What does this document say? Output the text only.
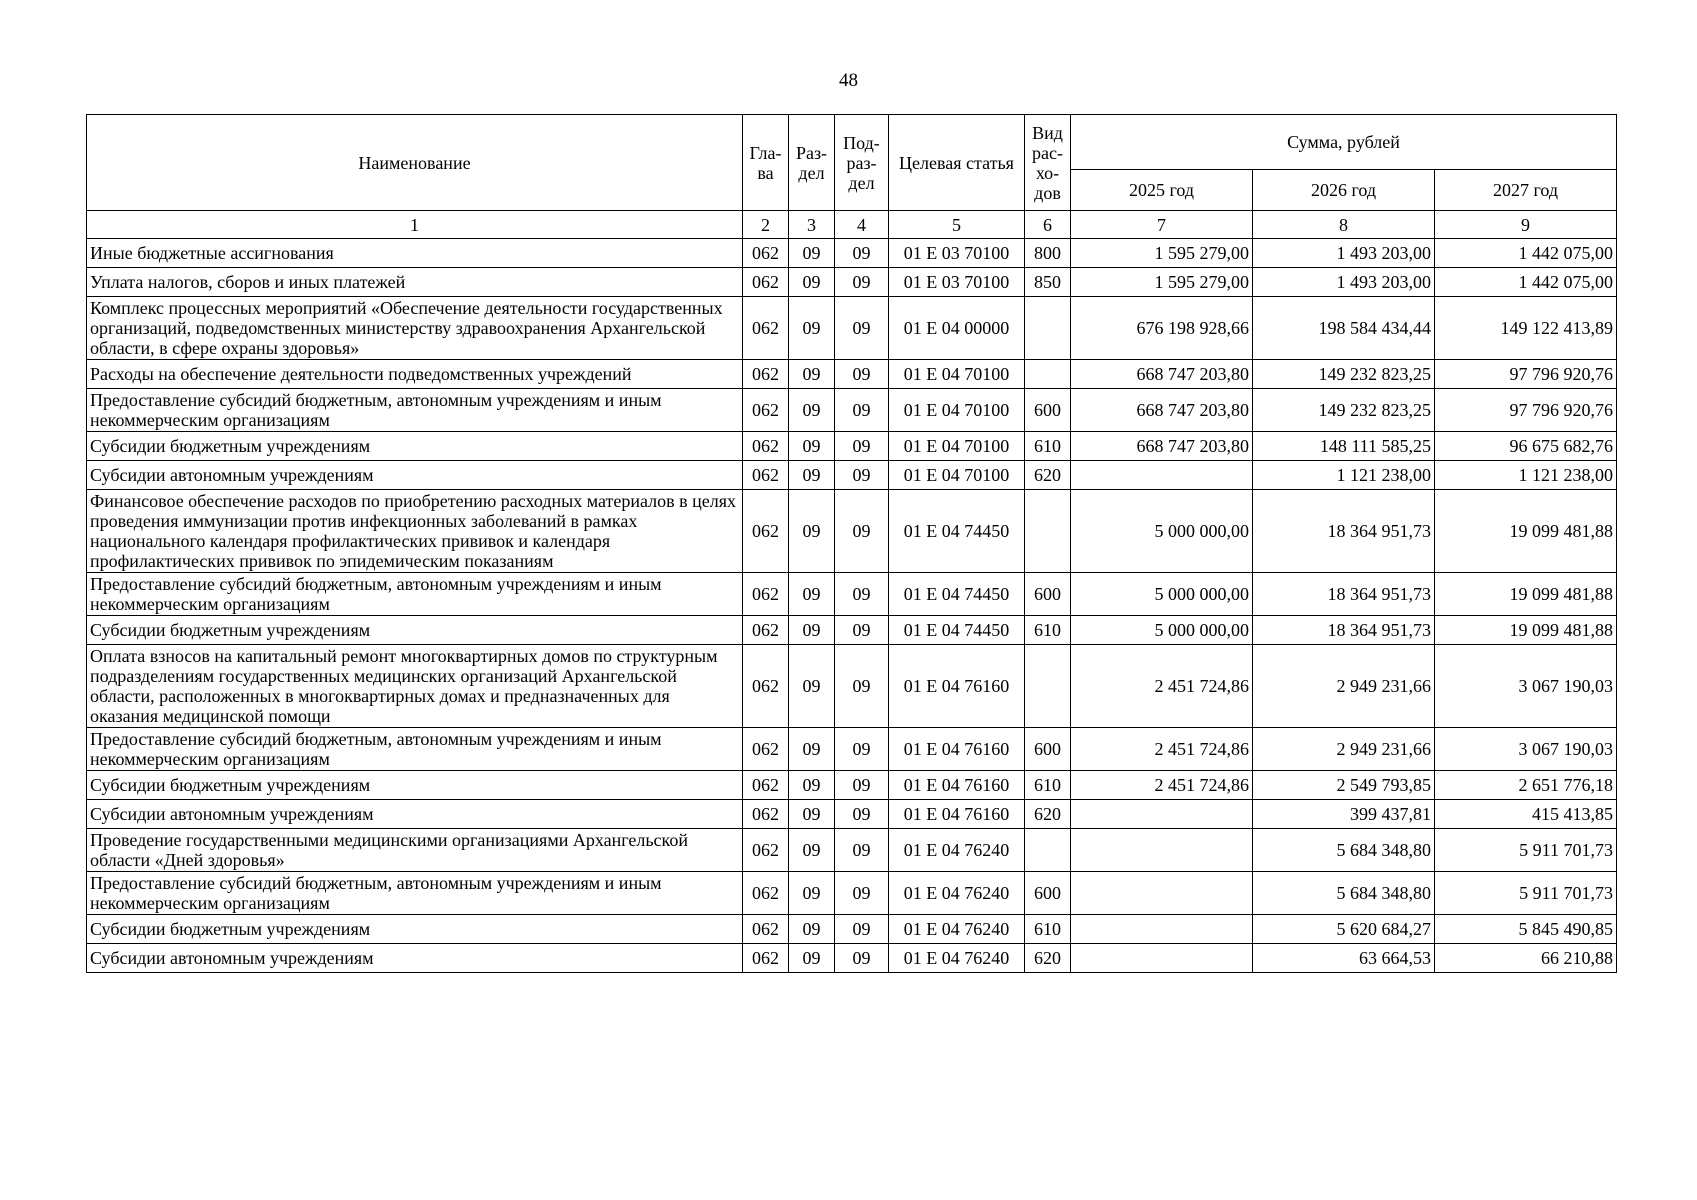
48
Наименование	Гла-ва	Раз-дел	Под-раз-дел	Целевая статья	Вид рас-хо-дов	Сумма, рублей		
						2025 год	2026 год	2027 год
1	2	3	4	5	6	7	8	9
Иные бюджетные ассигнования	062	09	09	01 Е 03 70100	800	1 595 279,00	1 493 203,00	1 442 075,00
Уплата налогов, сборов и иных платежей	062	09	09	01 Е 03 70100	850	1 595 279,00	1 493 203,00	1 442 075,00
Комплекс процессных мероприятий «Обеспечение деятельности государственных организаций, подведомственных министерству здравоохранения Архангельской области, в сфере охраны здоровья»	062	09	09	01 Е 04 00000		676 198 928,66	198 584 434,44	149 122 413,89
Расходы на обеспечение деятельности подведомственных учреждений	062	09	09	01 Е 04 70100		668 747 203,80	149 232 823,25	97 796 920,76
Предоставление субсидий бюджетным, автономным учреждениям и иным некоммерческим организациям	062	09	09	01 Е 04 70100	600	668 747 203,80	149 232 823,25	97 796 920,76
Субсидии бюджетным учреждениям	062	09	09	01 Е 04 70100	610	668 747 203,80	148 111 585,25	96 675 682,76
Субсидии автономным учреждениям	062	09	09	01 Е 04 70100	620		1 121 238,00	1 121 238,00
Финансовое обеспечение расходов по приобретению расходных материалов в целях проведения иммунизации против инфекционных заболеваний в рамках национального календаря профилактических прививок и календаря профилактических прививок по эпидемическим показаниям	062	09	09	01 Е 04 74450		5 000 000,00	18 364 951,73	19 099 481,88
Предоставление субсидий бюджетным, автономным учреждениям и иным некоммерческим организациям	062	09	09	01 Е 04 74450	600	5 000 000,00	18 364 951,73	19 099 481,88
Субсидии бюджетным учреждениям	062	09	09	01 Е 04 74450	610	5 000 000,00	18 364 951,73	19 099 481,88
Оплата взносов на капитальный ремонт многоквартирных домов по структурным подразделениям государственных медицинских организаций Архангельской области, расположенных в многоквартирных домах и предназначенных для оказания медицинской помощи	062	09	09	01 Е 04 76160		2 451 724,86	2 949 231,66	3 067 190,03
Предоставление субсидий бюджетным, автономным учреждениям и иным некоммерческим организациям	062	09	09	01 Е 04 76160	600	2 451 724,86	2 949 231,66	3 067 190,03
Субсидии бюджетным учреждениям	062	09	09	01 Е 04 76160	610	2 451 724,86	2 549 793,85	2 651 776,18
Субсидии автономным учреждениям	062	09	09	01 Е 04 76160	620		399 437,81	415 413,85
Проведение государственными медицинскими организациями Архангельской области «Дней здоровья»	062	09	09	01 Е 04 76240			5 684 348,80	5 911 701,73
Предоставление субсидий бюджетным, автономным учреждениям и иным некоммерческим организациям	062	09	09	01 Е 04 76240	600		5 684 348,80	5 911 701,73
Субсидии бюджетным учреждениям	062	09	09	01 Е 04 76240	610		5 620 684,27	5 845 490,85
Субсидии автономным учреждениям	062	09	09	01 Е 04 76240	620		63 664,53	66 210,88
